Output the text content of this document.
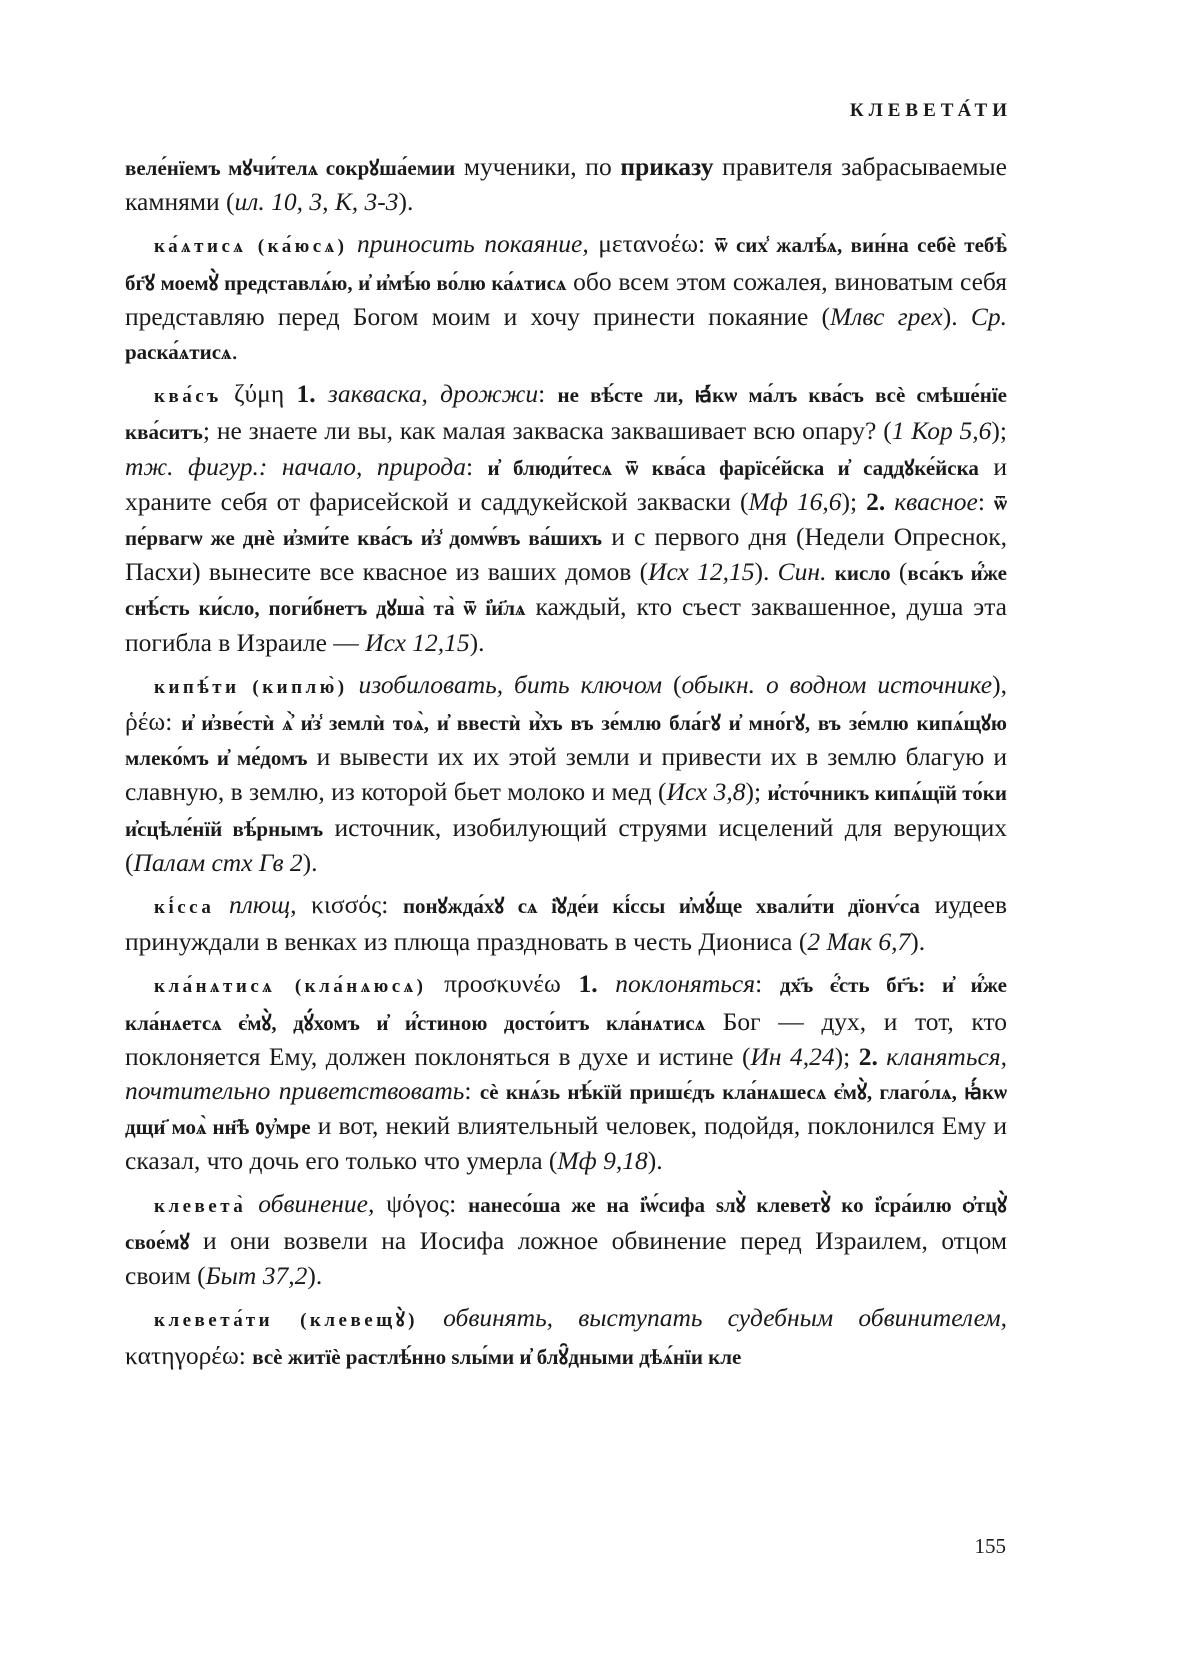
КЛЕВЕТА́ТИ

веле́нїемъ мꙋчи́телѧ сокрꙋша́емии мученики, по приказу правителя забрасываемые камнями (ил. 10, 3, К, 3-3).

ка́ѧтисѧ (ка́юсѧ) приносить покаяние, μετανοέω: ѿ сих̾ жалѣ́ѧ, вин́на себѐ тебѣ̀ бг҃ꙋ моемꙋ̀ представлѧ́ю, и҆ и҆мѣ́ю во́лю ка́ѧтисѧ обо всем этом сожалея, виноватым себя представляю перед Богом моим и хочу принести покаяние (Млвс грех). Ср. раска́ѧтисѧ.

ква́съ ζύμη 1. закваска, дрожжи: не вѣ́сте ли, ꙗ҆́кѡ ма́лъ ква́съ всѐ смѣше́нїе ква́ситъ; не знаете ли вы, как малая закваска заквашивает всю опару? (1 Кор 5,6); тж. фигур.: начало, природа: и҆ блюди́тесѧ ѿ ква́са фарїсе́йска и҆ саддꙋке́йска и храните себя от фарисейской и саддукейской закваски (Мф 16,6); 2. квасное: ѿ пе́рвагѡ же днѐ и҆зми́те ква́съ и҆з̾ домѡ́въ ва́шихъ и с первого дня (Недели Опреснок, Пасхи) вынесите все квасное из ваших домов (Исх 12,15). Син. кисло (вса́къ и҆́же снѣ́сть ки́сло, поги́бнетъ дꙋша̀ та̀ ѿ і҆и҃лѧ каждый, кто съест заквашенное, душа эта погибла в Израиле — Исх 12,15).

кипѣ́ти (киплю̀) изобиловать, бить ключом (обыкн. о водном источнике), ῥέω: и҆ и҆зве́стѝ ѧ҆̀ и҆з̾ землѝ тоѧ̀, и҆ ввестѝ и҆̀хъ въ зе́млю бла́гꙋ и҆ мно́гꙋ, въ зе́млю кипѧ́щꙋю млеко́мъ и҆ ме́домъ и вывести их их этой земли и привести их в землю благую и славную, в землю, из которой бьет молоко и мед (Исх 3,8); и҆сто́чникъ кипѧ́щїй то́ки и҆сцѣле́нїй вѣ́рнымъ источник, изобилующий струями исцелений для верующих (Палам стх Гв 2).

кі́сса плющ, κισσός: понꙋжда́хꙋ сѧ і҆ꙋде́и кі́ссы и҆мꙋ́ще хвали́ти дїонѵ́са иудеев принуждали в венках из плюща праздновать в честь Диониса (2 Мак 6,7).

кла́нѧтисѧ (кла́нѧюсѧ) προσκυνέω 1. поклоняться: дх҃ъ є҆́сть бг҃ъ: и҆ и҆́же кла́нѧетсѧ є҆мꙋ̀, дꙋ́хомъ и҆ и҆́стиною досто́итъ кла́нѧтисѧ Бог — дух, и тот, кто поклоняется Ему, должен поклоняться в духе и истине (Ин 4,24); 2. кланяться, почтительно приветствовать: сѐ кнѧ́зь нѣ́кїй пришє́дъ кла́нѧшесѧ є҆мꙋ̀, глаго́лѧ, ꙗ҆́кѡ дщи҃ моѧ̀ нн҃ѣ ᲂу҆мре и вот, некий влиятельный человек, подойдя, поклонился Ему и сказал, что дочь его только что умерла (Мф 9,18).

клевета̀ обвинение, ψόγος: нанесо́ша же на і҆ѡ́сифа ѕлꙋ̀ клеветꙋ̀ ко і҆сра́илю ѻ҆тцꙋ̀ свое́мꙋ и они возвели на Иосифа ложное обвинение перед Израилем, отцом своим (Быт 37,2).

клевета́ти (клевещꙋ̀) обвинять, выступать судебным обвинителем, κατηγορέω: всѐ житїѐ растлѣ́нно ѕлы́ми и҆ блꙋ̑дными дѣѧ́нїи кле

155
